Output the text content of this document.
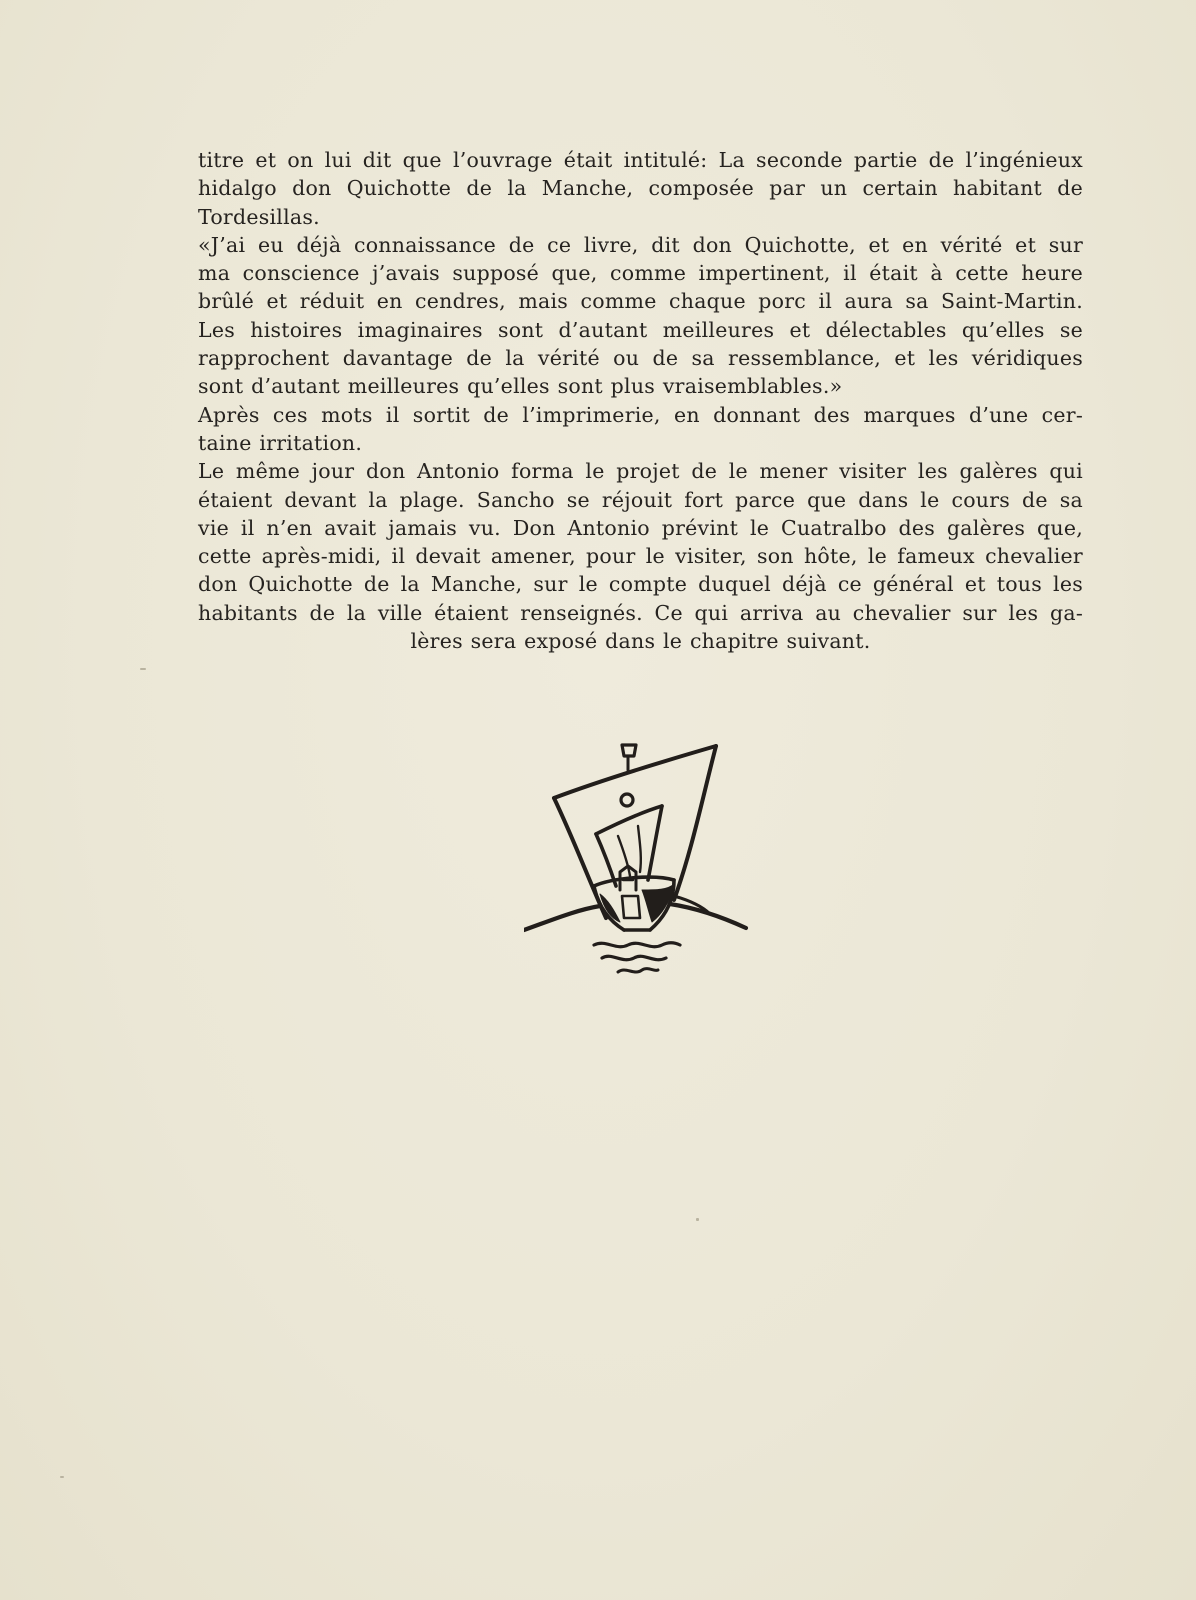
titre et on lui dit que l’ouvrage était intitulé: La seconde partie de l’ingénieux
hidalgo don Quichotte de la Manche, composée par un certain habitant de
Tordesillas.
«J’ai eu déjà connaissance de ce livre, dit don Quichotte, et en vérité et sur
ma conscience j’avais supposé que, comme impertinent, il était à cette heure
brûlé et réduit en cendres, mais comme chaque porc il aura sa Saint-Martin.
Les histoires imaginaires sont d’autant meilleures et délectables qu’elles se
rapprochent davantage de la vérité ou de sa ressemblance, et les véridiques
sont d’autant meilleures qu’elles sont plus vraisemblables.»
Après ces mots il sortit de l’imprimerie, en donnant des marques d’une cer-
taine irritation.
Le même jour don Antonio forma le projet de le mener visiter les galères qui
étaient devant la plage. Sancho se réjouit fort parce que dans le cours de sa
vie il n’en avait jamais vu. Don Antonio prévint le Cuatralbo des galères que,
cette après-midi, il devait amener, pour le visiter, son hôte, le fameux chevalier
don Quichotte de la Manche, sur le compte duquel déjà ce général et tous les
habitants de la ville étaient renseignés. Ce qui arriva au chevalier sur les ga-
lères sera exposé dans le chapitre suivant.
